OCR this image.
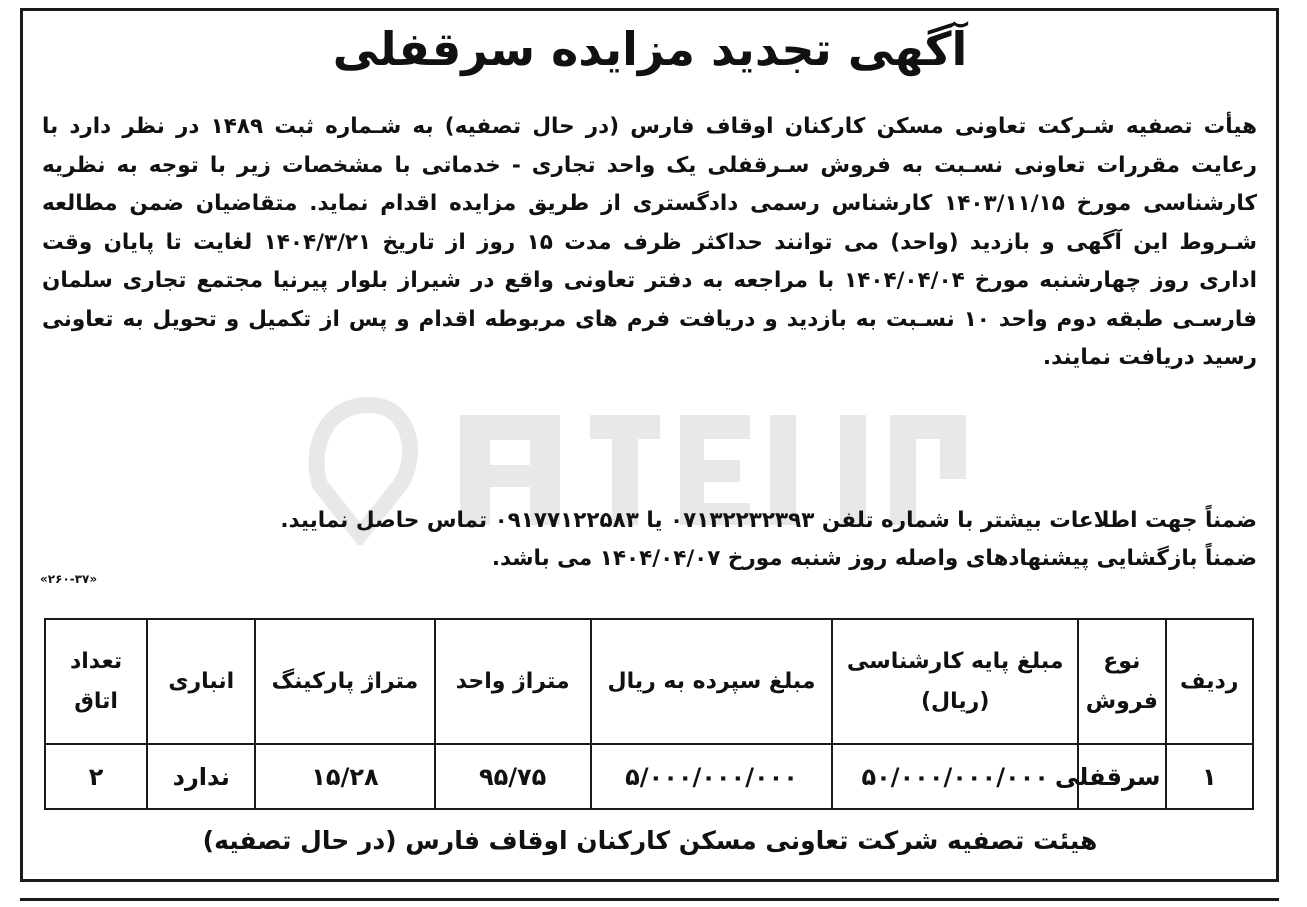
آگهی تجدید مزایده سرقفلی
هیأت تصفیه شـرکت تعاونی مسکن کارکنان اوقاف فارس (در حال تصفیه) به شـماره ثبت ۱۴۸۹ در نظر دارد با
رعایت مقررات تعاونی نسـبت به فروش سـرقفلی یک واحد تجاری - خدماتی با مشخصات زیر با توجه به نظریه
کارشناسی مورخ ۱۴۰۳/۱۱/۱۵ کارشناس رسمی دادگستری از طریق مزایده اقدام نماید. متقاضیان ضمن مطالعه
شـروط این آگهی و بازدید (واحد) می توانند حداکثر ظرف مدت ۱۵ روز از تاریخ ۱۴۰۴/۳/۲۱ لغایت تا پایان وقت
اداری روز چهارشنبه مورخ ۱۴۰۴/۰۴/۰۴ با مراجعه به دفتر تعاونی واقع در شیراز بلوار پیرنیا مجتمع تجاری سلمان
فارسـی طبقه دوم واحد ۱۰ نسـبت به بازدید و دریافت فرم های مربوطه اقدام و پس از تکمیل و تحویل به تعاونی
رسید دریافت نمایند.
ضمناً جهت اطلاعات بیشتر با شماره تلفن ۰۷۱۳۲۲۳۲۳۹۳ یا ۰۹۱۷۷۱۲۲۵۸۳ تماس حاصل نمایید.
ضمناً بازگشایی پیشنهادهای واصله روز شنبه مورخ ۱۴۰۴/۰۴/۰۷ می باشد.
«۲۶۰-۳۷»
ردیف	نوع فروش	مبلغ پایه کارشناسی (ریال)	مبلغ سپرده به ریال	متراژ واحد	متراژ پارکینگ	انباری	تعداد اتاق
۱	سرقفلی	۵۰/۰۰۰/۰۰۰/۰۰۰	۵/۰۰۰/۰۰۰/۰۰۰	۹۵/۷۵	۱۵/۲۸	ندارد	۲
هیئت تصفیه شرکت تعاونی مسکن کارکنان اوقاف فارس (در حال تصفیه)
